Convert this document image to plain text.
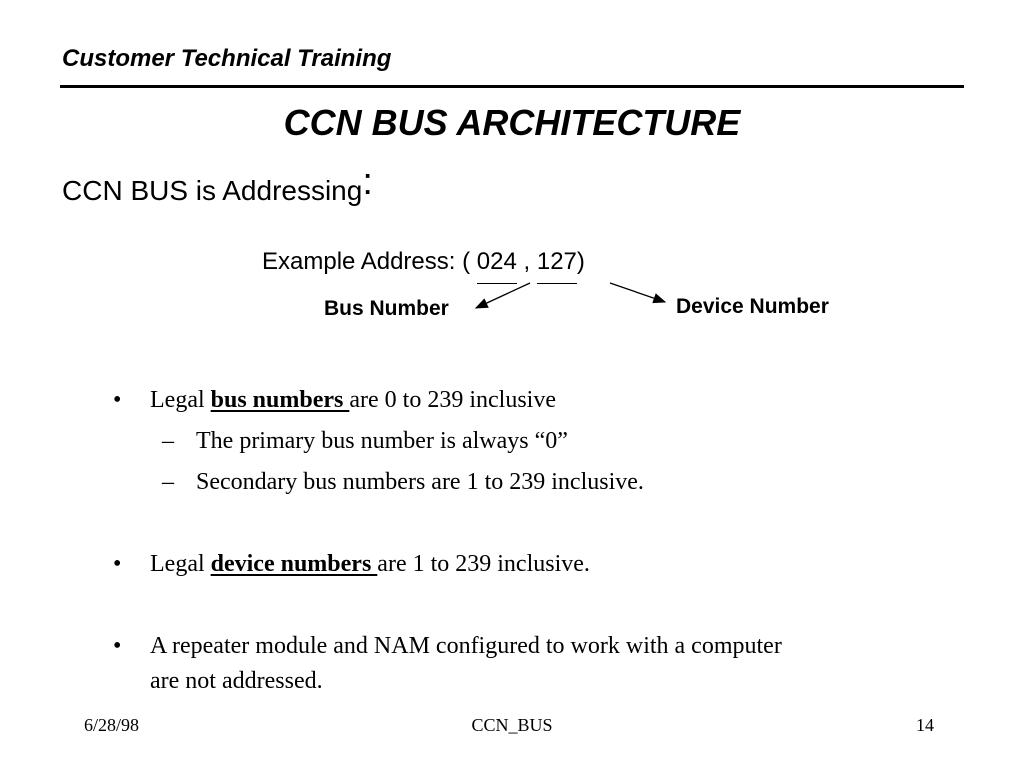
Customer Technical Training
CCN BUS ARCHITECTURE
CCN BUS is Addressing:
Example Address: ( 024 , 127)
Bus Number	Device Number
• Legal bus numbers are 0 to 239 inclusive
– The primary bus number is always “0”
– Secondary bus numbers are 1 to 239 inclusive.
• Legal device numbers are 1 to 239 inclusive.
• A repeater module and NAM configured to work with a computer
are not addressed.
6/28/98	CCN_BUS	14
